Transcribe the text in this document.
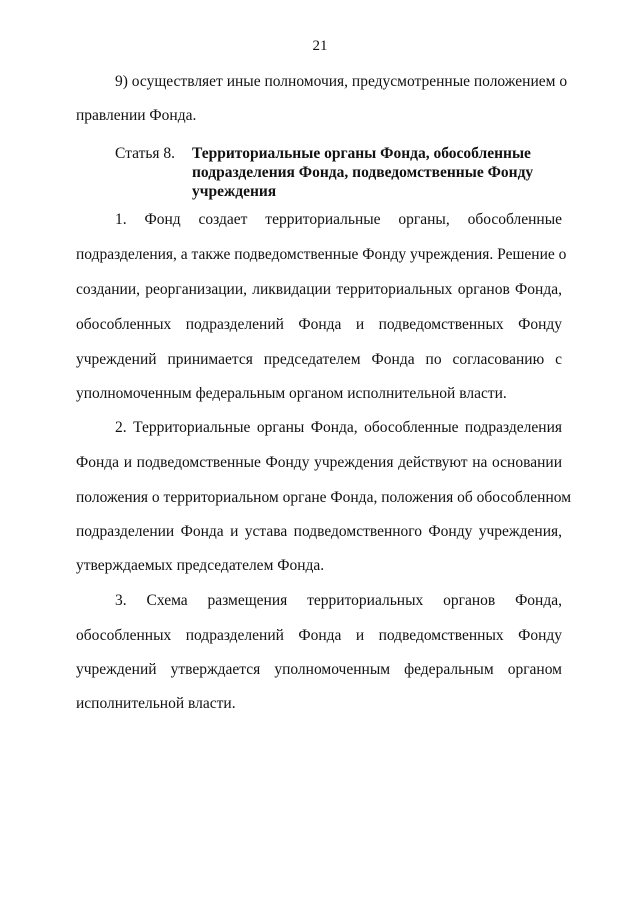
21
9) осуществляет иные полномочия, предусмотренные положением о
правлении Фонда.
Статья 8. Территориальные органы Фонда, обособленные
подразделения Фонда, подведомственные Фонду
учреждения
1. Фонд создает территориальные органы, обособленные
подразделения, а также подведомственные Фонду учреждения. Решение о
создании, реорганизации, ликвидации территориальных органов Фонда,
обособленных подразделений Фонда и подведомственных Фонду
учреждений принимается председателем Фонда по согласованию с
уполномоченным федеральным органом исполнительной власти.
2. Территориальные органы Фонда, обособленные подразделения
Фонда и подведомственные Фонду учреждения действуют на основании
положения о территориальном органе Фонда, положения об обособленном
подразделении Фонда и устава подведомственного Фонду учреждения,
утверждаемых председателем Фонда.
3. Схема размещения территориальных органов Фонда,
обособленных подразделений Фонда и подведомственных Фонду
учреждений утверждается уполномоченным федеральным органом
исполнительной власти.
